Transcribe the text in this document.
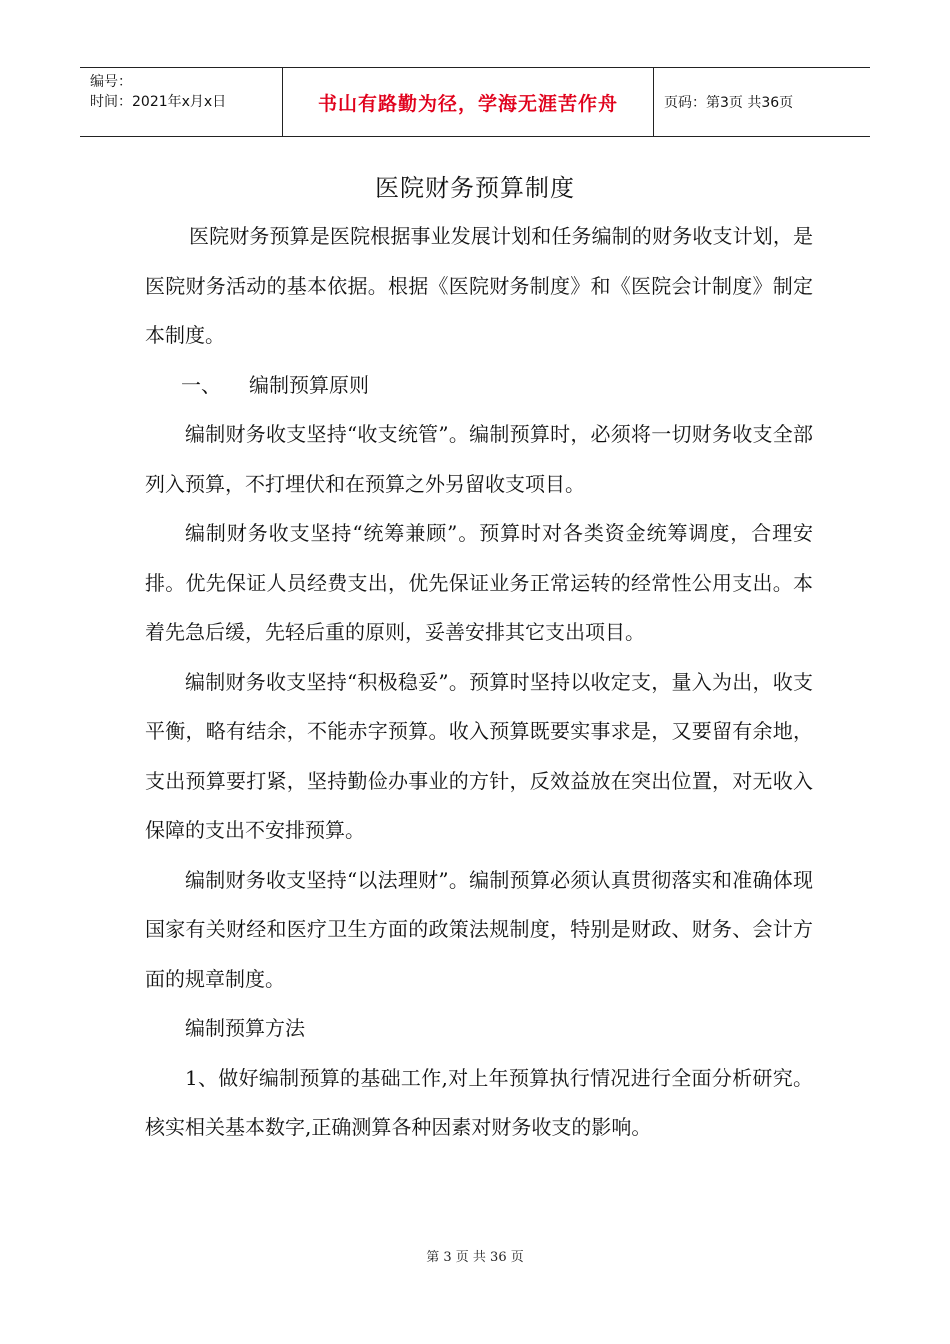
编号：
时间：2021年x月x日	书山有路勤为径，学海无涯苦作舟	页码：第3页 共36页
医院财务预算制度

医院财务预算是医院根据事业发展计划和任务编制的财务收支计划，是医院财务活动的基本依据。根据《医院财务制度》和《医院会计制度》制定本制度。

一、 编制预算原则

编制财务收支坚持“收支统管”。编制预算时，必须将一切财务收支全部列入预算，不打埋伏和在预算之外另留收支项目。

编制财务收支坚持“统筹兼顾”。预算时对各类资金统筹调度，合理安排。优先保证人员经费支出，优先保证业务正常运转的经常性公用支出。本着先急后缓，先轻后重的原则，妥善安排其它支出项目。

编制财务收支坚持“积极稳妥”。预算时坚持以收定支，量入为出，收支平衡，略有结余，不能赤字预算。收入预算既要实事求是，又要留有余地，支出预算要打紧，坚持勤俭办事业的方针，反效益放在突出位置，对无收入保障的支出不安排预算。

编制财务收支坚持“以法理财”。编制预算必须认真贯彻落实和准确体现国家有关财经和医疗卫生方面的政策法规制度，特别是财政、财务、会计方面的规章制度。

编制预算方法

1、做好编制预算的基础工作,对上年预算执行情况进行全面分析研究。核实相关基本数字,正确测算各种因素对财务收支的影响。

第 3 页 共 36 页
